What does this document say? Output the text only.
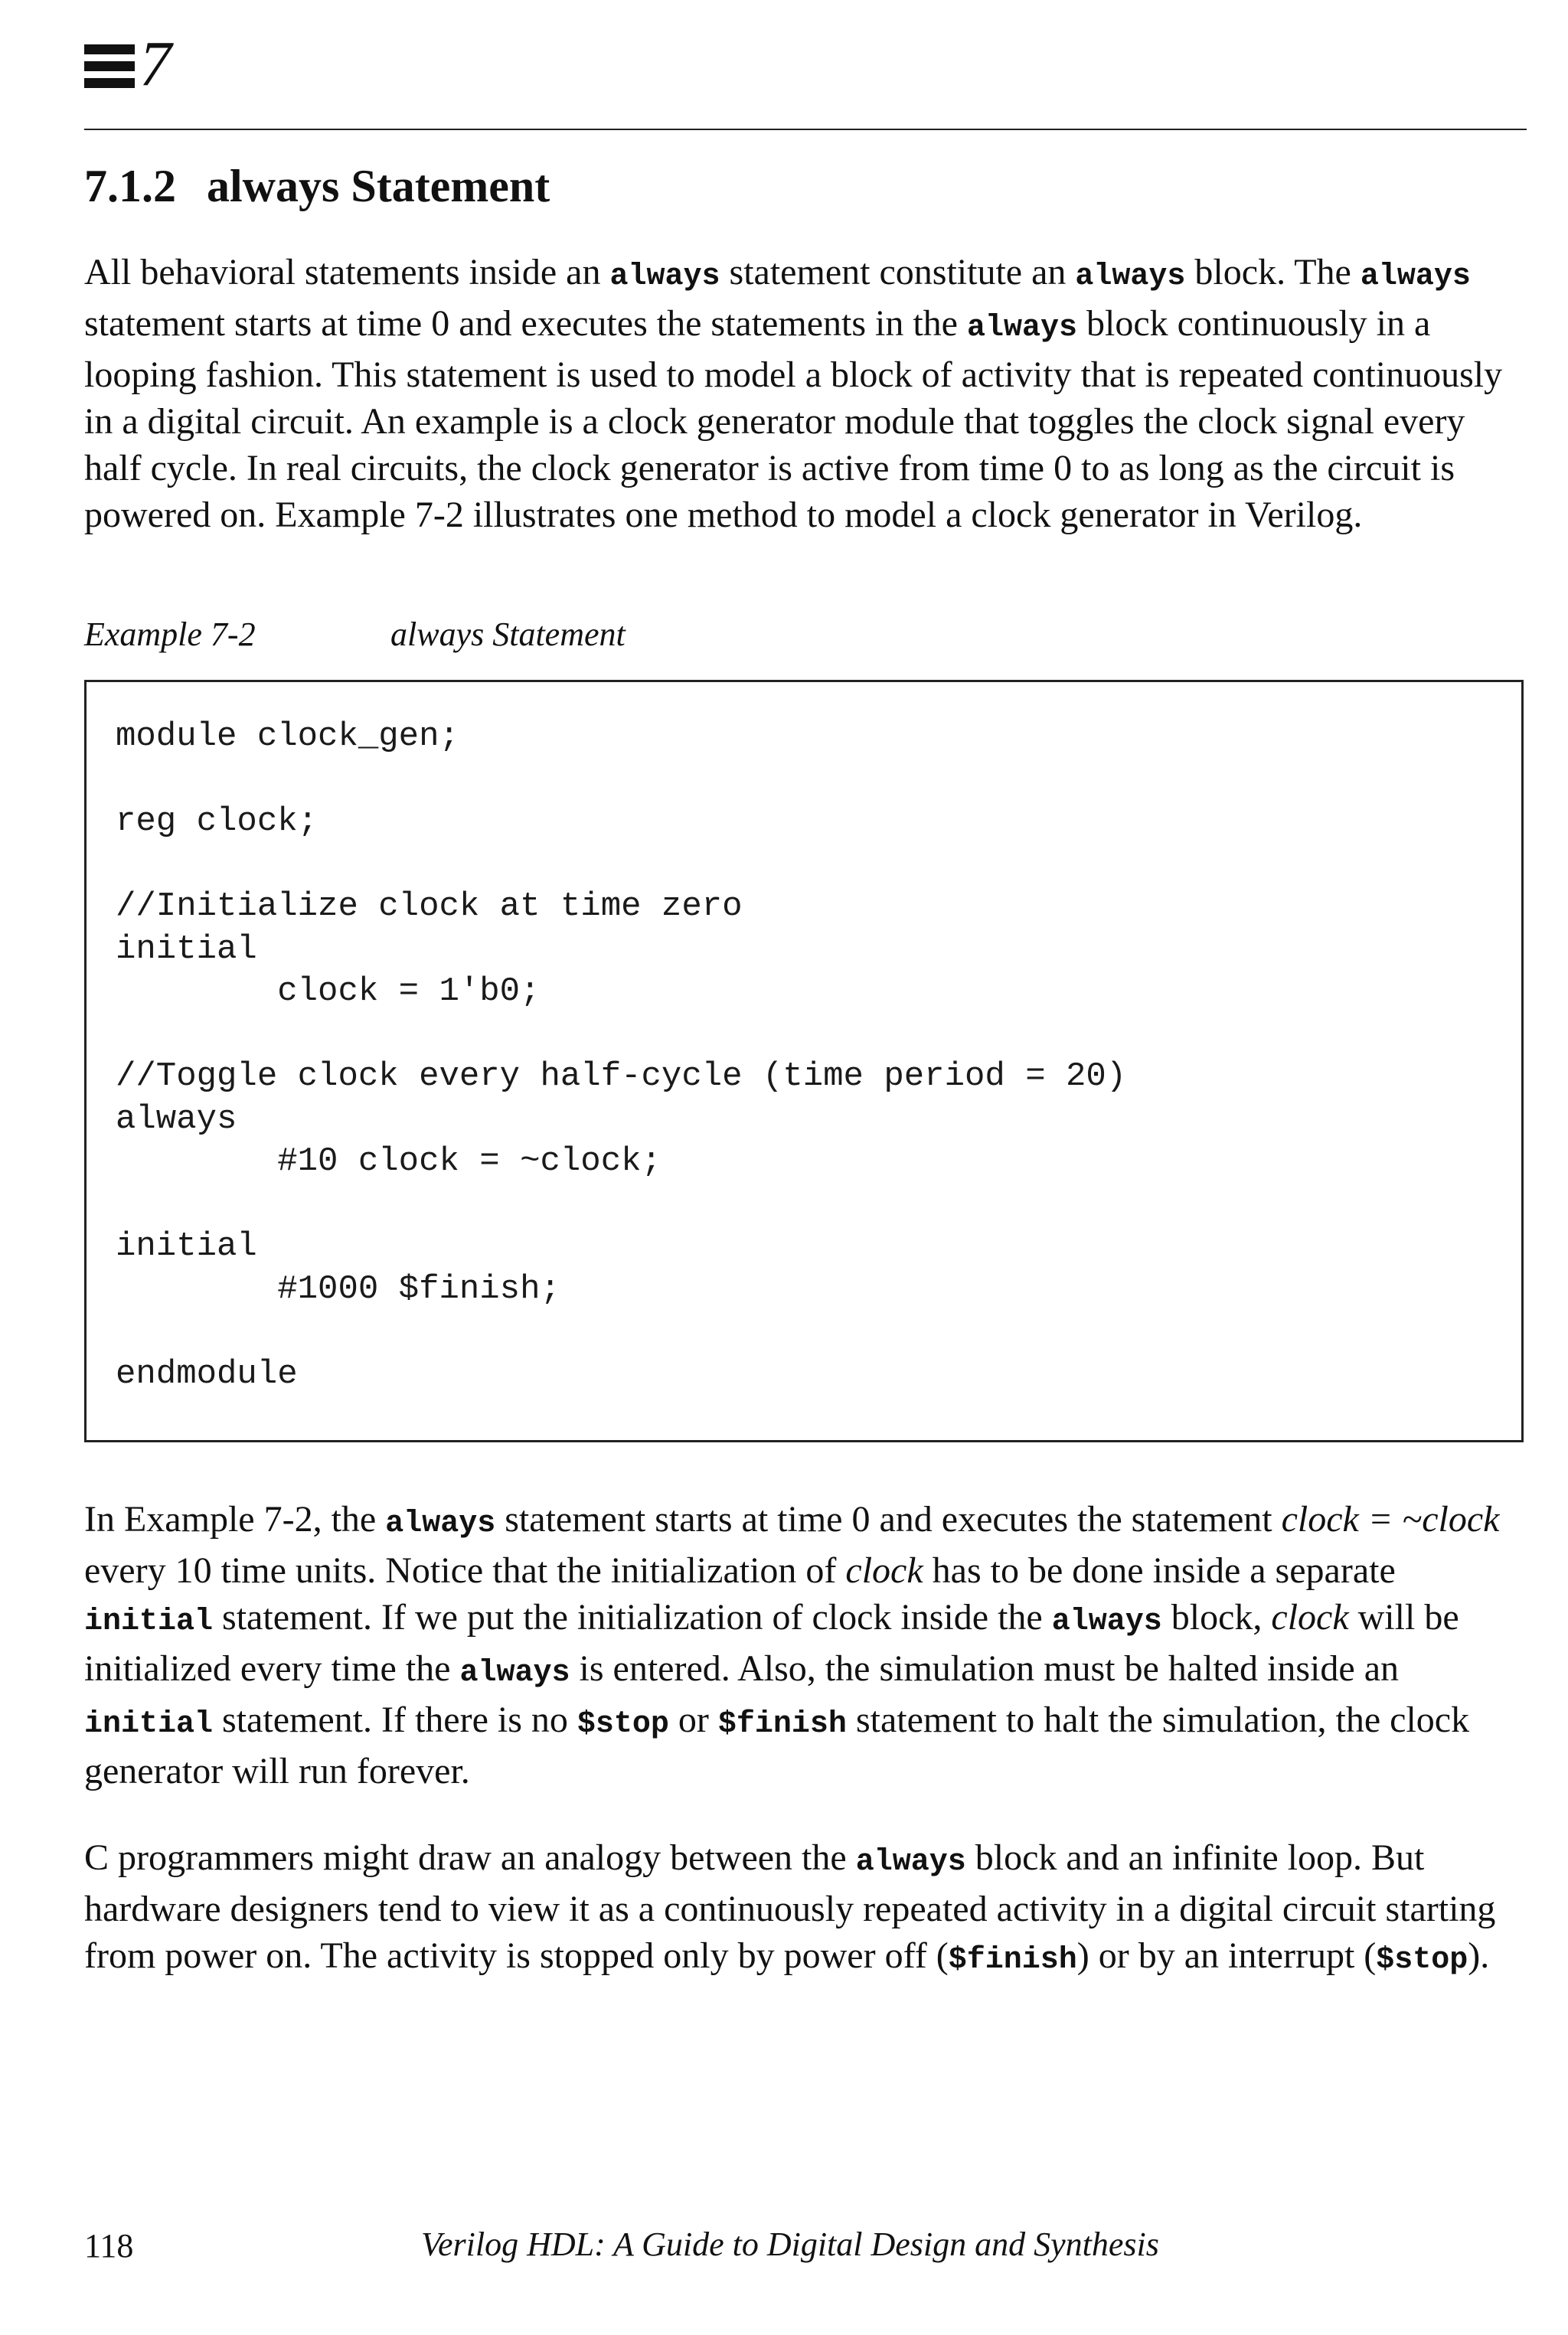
7
7.1.2 always Statement

All behavioral statements inside an always statement constitute an always block. The always statement starts at time 0 and executes the statements in the always block continuously in a looping fashion. This statement is used to model a block of activity that is repeated continuously in a digital circuit. An example is a clock generator module that toggles the clock signal every half cycle. In real circuits, the clock generator is active from time 0 to as long as the circuit is powered on. Example 7-2 illustrates one method to model a clock generator in Verilog.

Example 7-2	always Statement
module clock_gen;

reg clock;

//Initialize clock at time zero
initial
clock = 1'b0;

//Toggle clock every half-cycle (time period = 20)
always
#10 clock = ~clock;

initial
#1000 $finish;

endmodule

In Example 7-2, the always statement starts at time 0 and executes the statement clock = ~clock every 10 time units. Notice that the initialization of clock has to be done inside a separate initial statement. If we put the initialization of clock inside the always block, clock will be initialized every time the always is entered. Also, the simulation must be halted inside an initial statement. If there is no $stop or $finish statement to halt the simulation, the clock generator will run forever.

C programmers might draw an analogy between the always block and an infinite loop. But hardware designers tend to view it as a continuously repeated activity in a digital circuit starting from power on. The activity is stopped only by power off ($finish) or by an interrupt ($stop).

118	Verilog HDL: A Guide to Digital Design and Synthesis
